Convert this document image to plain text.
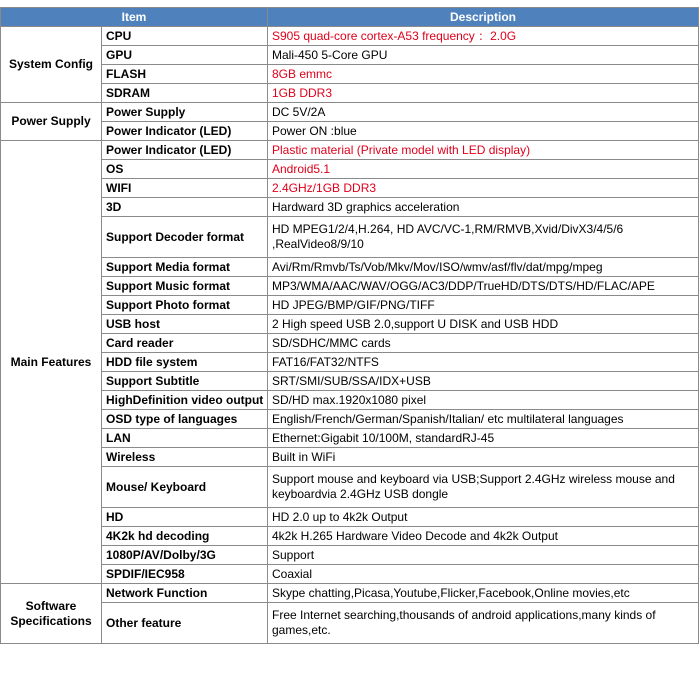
Item		Description
System Config	CPU	S905 quad-core cortex-A53 frequency ：2.0G
	GPU	Mali-450 5-Core GPU
	FLASH	8GB emmc
	SDRAM	1GB DDR3
Power Supply	Power Supply	DC 5V/2A
	Power Indicator (LED)	Power ON :blue
Main Features	Power Indicator (LED)	Plastic material (Private model with LED display)
	OS	Android5.1
	WIFI	2.4GHz/1GB DDR3
	3D	Hardward 3D graphics acceleration
	Support Decoder format	HD MPEG1/2/4,H.264, HD AVC/VC-1,RM/RMVB,Xvid/DivX3/4/5/6 ,RealVideo8/9/10
	Support Media format	Avi/Rm/Rmvb/Ts/Vob/Mkv/Mov/ISO/wmv/asf/flv/dat/mpg/mpeg
	Support Music format	MP3/WMA/AAC/WAV/OGG/AC3/DDP/TrueHD/DTS/DTS/HD/FLAC/APE
	Support Photo format	HD JPEG/BMP/GIF/PNG/TIFF
	USB host	2 High speed USB 2.0,support U DISK and USB HDD
	Card reader	SD/SDHC/MMC cards
	HDD file system	FAT16/FAT32/NTFS
	Support Subtitle	SRT/SMI/SUB/SSA/IDX+USB
	HighDefinition video output	SD/HD max.1920x1080 pixel
	OSD type of languages	English/French/German/Spanish/Italian/ etc multilateral languages
	LAN	Ethernet:Gigabit 10/100M, standardRJ-45
	Wireless	Built in WiFi
	Mouse/ Keyboard	Support mouse and keyboard via USB;Support 2.4GHz wireless mouse and keyboardvia 2.4GHz USB dongle
	HD	HD 2.0 up to 4k2k Output
	4K2k hd decoding	4k2k H.265 Hardware Video Decode and 4k2k Output
	1080P/AV/Dolby/3G	Support
	SPDIF/IEC958	Coaxial
Software Specifications	Network Function	Skype chatting,Picasa,Youtube,Flicker,Facebook,Online movies,etc
	Other feature	Free Internet searching,thousands of android applications,many kinds of games,etc.
